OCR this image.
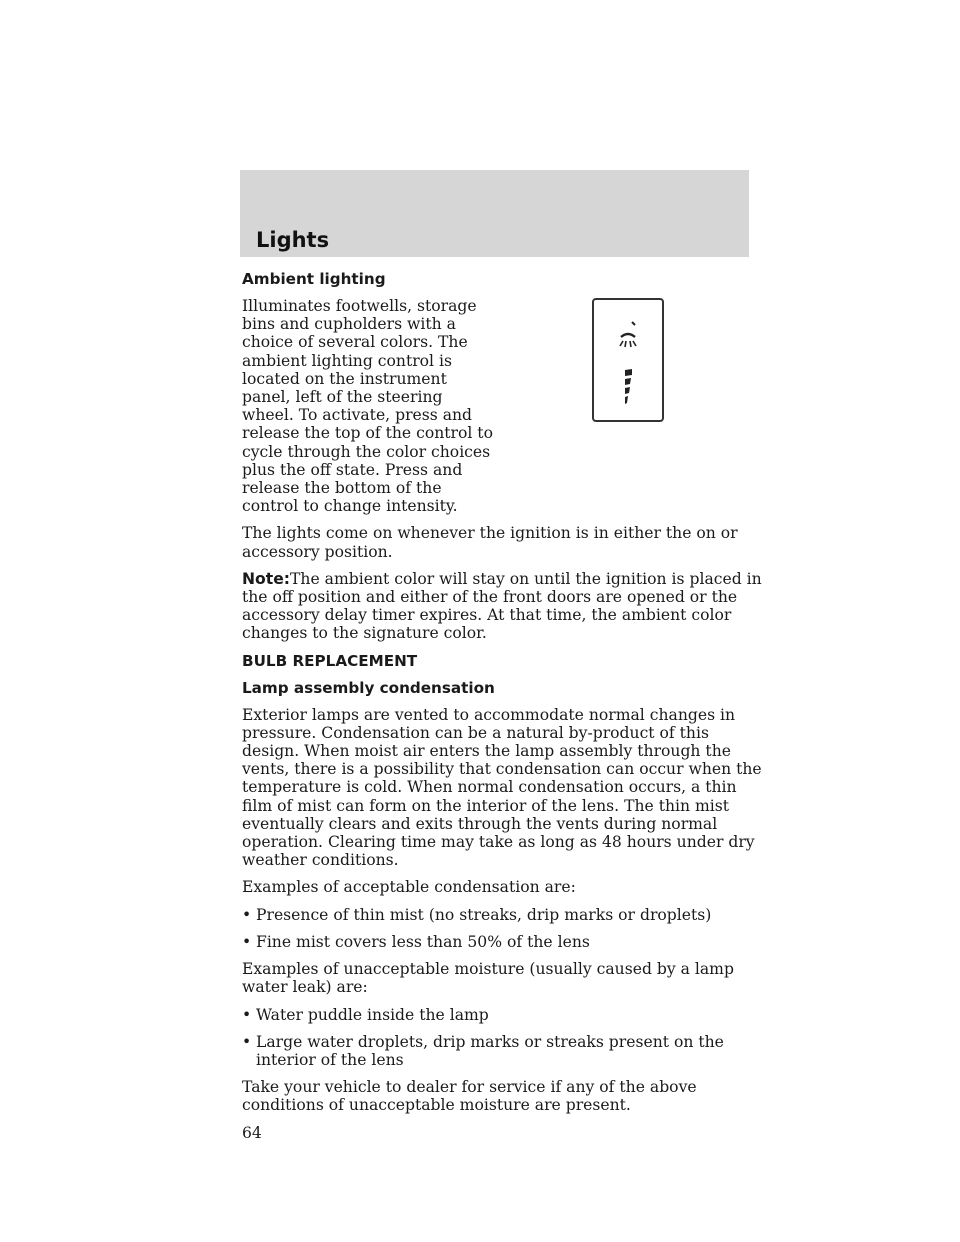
Lights
Ambient lighting

Illuminates footwells, storage bins and cupholders with a choice of several colors. The ambient lighting control is located on the instrument panel, left of the steering wheel. To activate, press and release the top of the control to cycle through the color choices plus the off state. Press and release the bottom of the control to change intensity.

The lights come on whenever the ignition is in either the on or accessory position.

Note:The ambient color will stay on until the ignition is placed in the off position and either of the front doors are opened or the accessory delay timer expires. At that time, the ambient color changes to the signature color.

BULB REPLACEMENT
Lamp assembly condensation

Exterior lamps are vented to accommodate normal changes in pressure. Condensation can be a natural by-product of this design. When moist air enters the lamp assembly through the vents, there is a possibility that condensation can occur when the temperature is cold. When normal condensation occurs, a thin film of mist can form on the interior of the lens. The thin mist eventually clears and exits through the vents during normal operation. Clearing time may take as long as 48 hours under dry weather conditions.

Examples of acceptable condensation are:

• Presence of thin mist (no streaks, drip marks or droplets)
• Fine mist covers less than 50% of the lens

Examples of unacceptable moisture (usually caused by a lamp water leak) are:

• Water puddle inside the lamp
• Large water droplets, drip marks or streaks present on the interior of the lens

Take your vehicle to dealer for service if any of the above conditions of unacceptable moisture are present.

64
